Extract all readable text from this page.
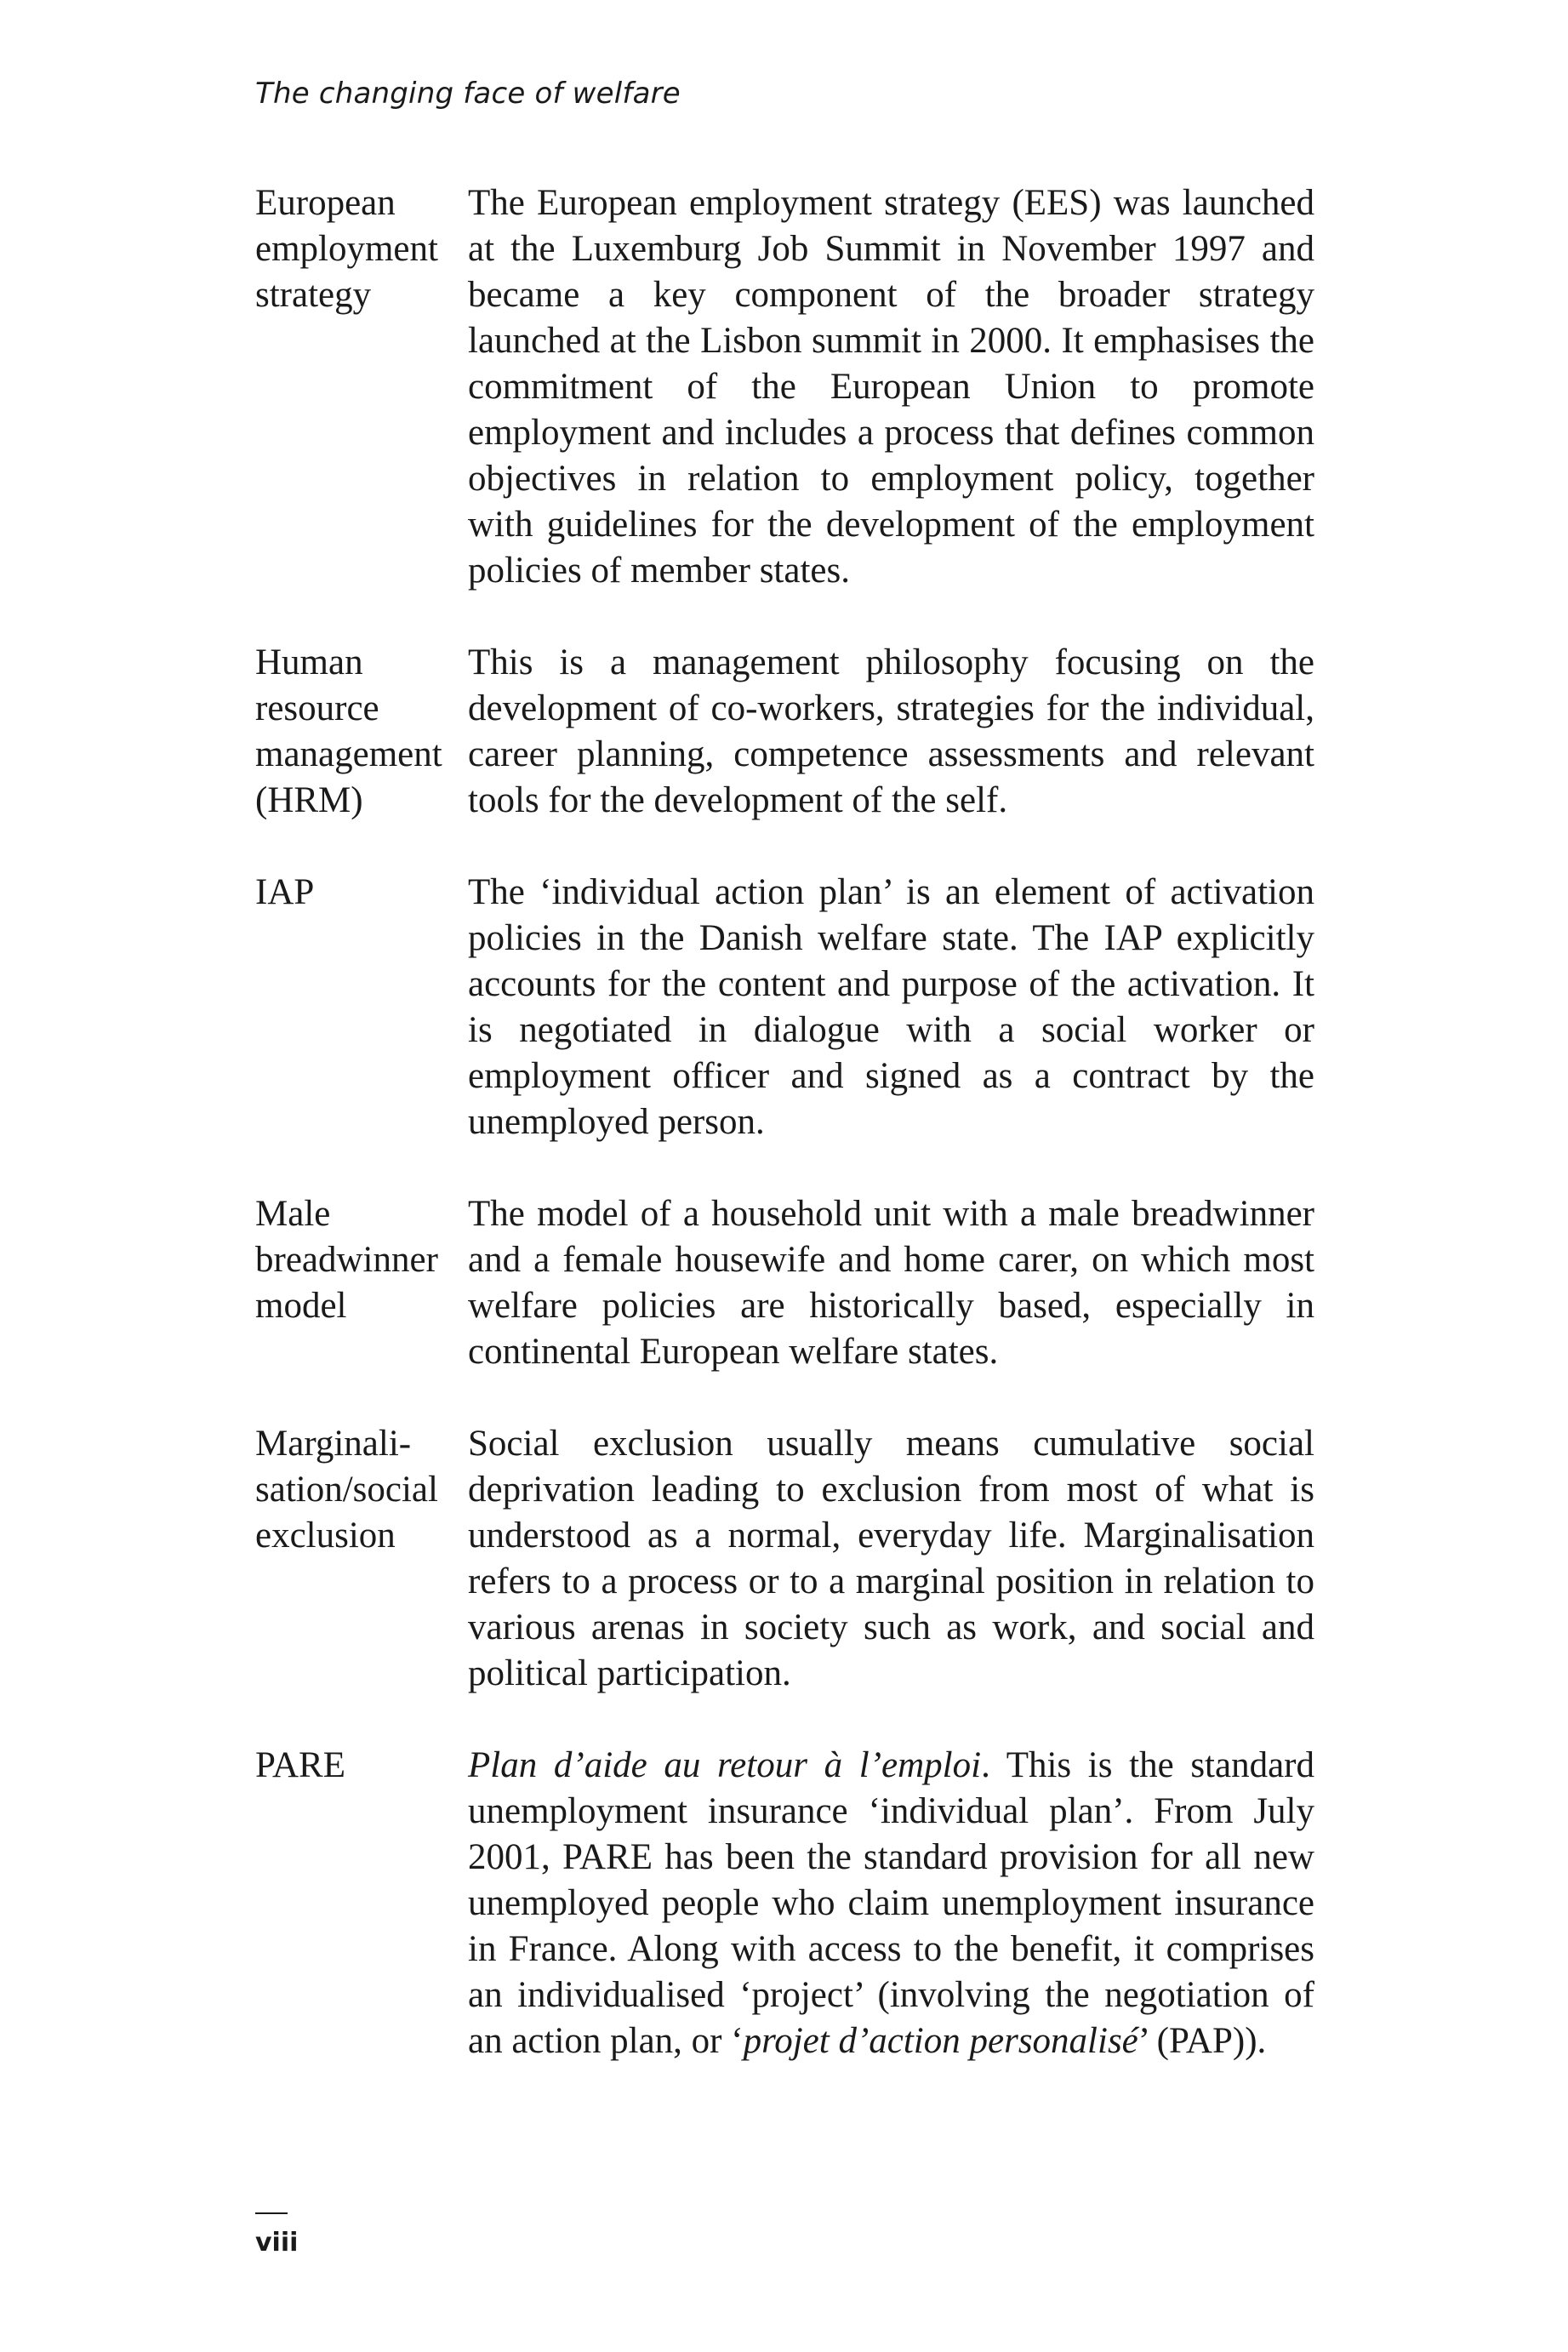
The changing face of welfare
European
employment
strategy
The European employment strategy (EES) was launched at the Luxemburg Job Summit in November 1997 and became a key component of the broader strategy launched at the Lisbon summit in 2000. It emphasises the commitment of the European Union to promote employment and includes a process that defines common objectives in relation to employment policy, together with guidelines for the development of the employment policies of member states.
Human
resource
management
(HRM)
This is a management philosophy focusing on the development of co-workers, strategies for the individual, career planning, competence assessments and relevant tools for the development of the self.
IAP	The ‘individual action plan’ is an element of activation policies in the Danish welfare state. The IAP explicitly accounts for the content and purpose of the activation. It is negotiated in dialogue with a social worker or employment officer and signed as a contract by the unemployed person.
Male
breadwinner
model
The model of a household unit with a male breadwinner and a female housewife and home carer, on which most welfare policies are historically based, especially in continental European welfare states.
Marginali-
sation/social
exclusion
Social exclusion usually means cumulative social deprivation leading to exclusion from most of what is understood as a normal, everyday life. Marginalisation refers to a process or to a marginal position in relation to various arenas in society such as work, and social and political participation.
PARE	Plan d’aide au retour à l’emploi. This is the standard unemployment insurance ‘individual plan’. From July 2001, PARE has been the standard provision for all new unemployed people who claim unemployment insurance in France. Along with access to the benefit, it comprises an individualised ‘project’ (involving the negotiation of an action plan, or ‘projet d’action personalisé’ (PAP)).
viii
